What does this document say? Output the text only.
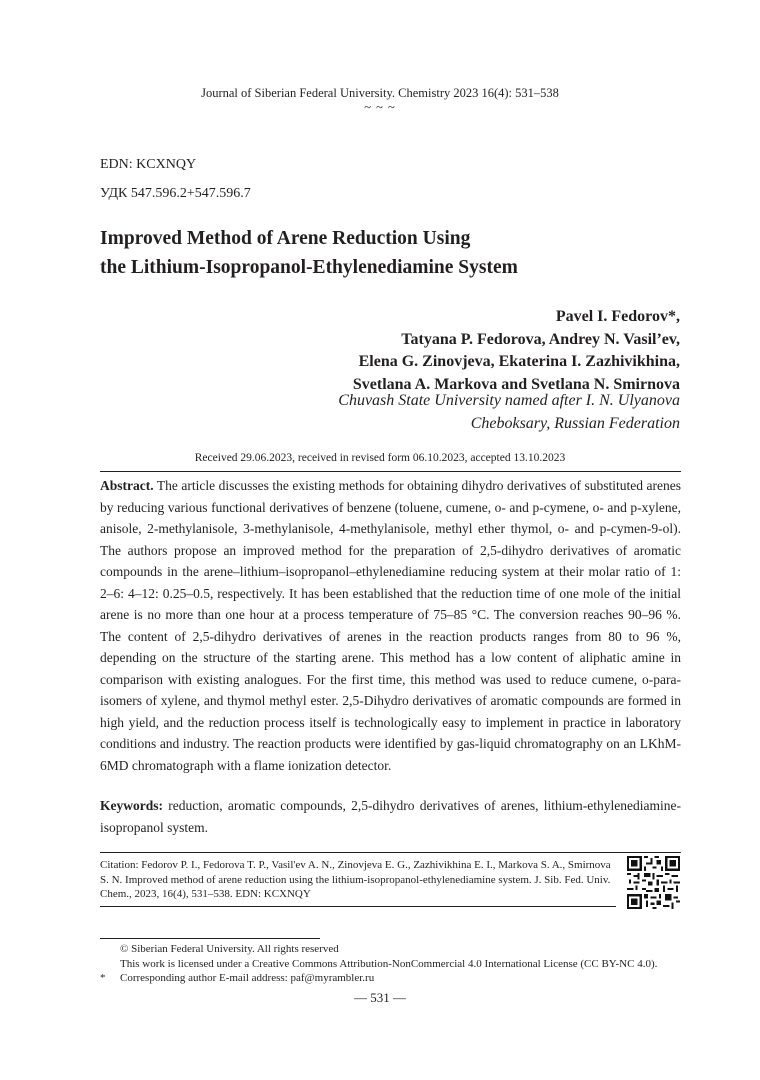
Journal of Siberian Federal University. Chemistry 2023 16(4): 531–538
~ ~ ~
EDN: KCXNQY
УДК 547.596.2+547.596.7
Improved Method of Arene Reduction Using
the Lithium-Isopropanol-Ethylenediamine System
Pavel I. Fedorov*,
Tatyana P. Fedorova, Andrey N. Vasil’ev,
Elena G. Zinovjeva, Ekaterina I. Zazhivikhina,
Svetlana A. Markova and Svetlana N. Smirnova
Chuvash State University named after I. N. Ulyanova
Cheboksary, Russian Federation
Received 29.06.2023, received in revised form 06.10.2023, accepted 13.10.2023
Abstract. The article discusses the existing methods for obtaining dihydro derivatives of substituted arenes by reducing various functional derivatives of benzene (toluene, cumene, o- and p-cymene, o- and p-xylene, anisole, 2-methylanisole, 3-methylanisole, 4-methylanisole, methyl ether thymol, o- and p-cymen-9-ol). The authors propose an improved method for the preparation of 2,5-dihydro derivatives of aromatic compounds in the arene–lithium–isopropanol–ethylenediamine reducing system at their molar ratio of 1: 2–6: 4–12: 0.25–0.5, respectively. It has been established that the reduction time of one mole of the initial arene is no more than one hour at a process temperature of 75–85 °C. The conversion reaches 90–96 %. The content of 2,5-dihydro derivatives of arenes in the reaction products ranges from 80 to 96 %, depending on the structure of the starting arene. This method has a low content of aliphatic amine in comparison with existing analogues. For the first time, this method was used to reduce cumene, o-para-isomers of xylene, and thymol methyl ester. 2,5-Dihydro derivatives of aromatic compounds are formed in high yield, and the reduction process itself is technologically easy to implement in practice in laboratory conditions and industry. The reaction products were identified by gas-liquid chromatography on an LKhM-6MD chromatograph with a flame ionization detector.
Keywords: reduction, aromatic compounds, 2,5-dihydro derivatives of arenes, lithium-ethylenediamine-isopropanol system.
Citation: Fedorov P. I., Fedorova T. P., Vasil'ev A. N., Zinovjeva E. G., Zazhivikhina E. I., Markova S. A., Smirnova S. N. Improved method of arene reduction using the lithium-isopropanol-ethylenediamine system. J. Sib. Fed. Univ. Chem., 2023, 16(4), 531–538. EDN: KCXNQY
© Siberian Federal University. All rights reserved
This work is licensed under a Creative Commons Attribution-NonCommercial 4.0 International License (CC BY-NC 4.0).
*	Corresponding author E-mail address: paf@myrambler.ru
— 531 —
